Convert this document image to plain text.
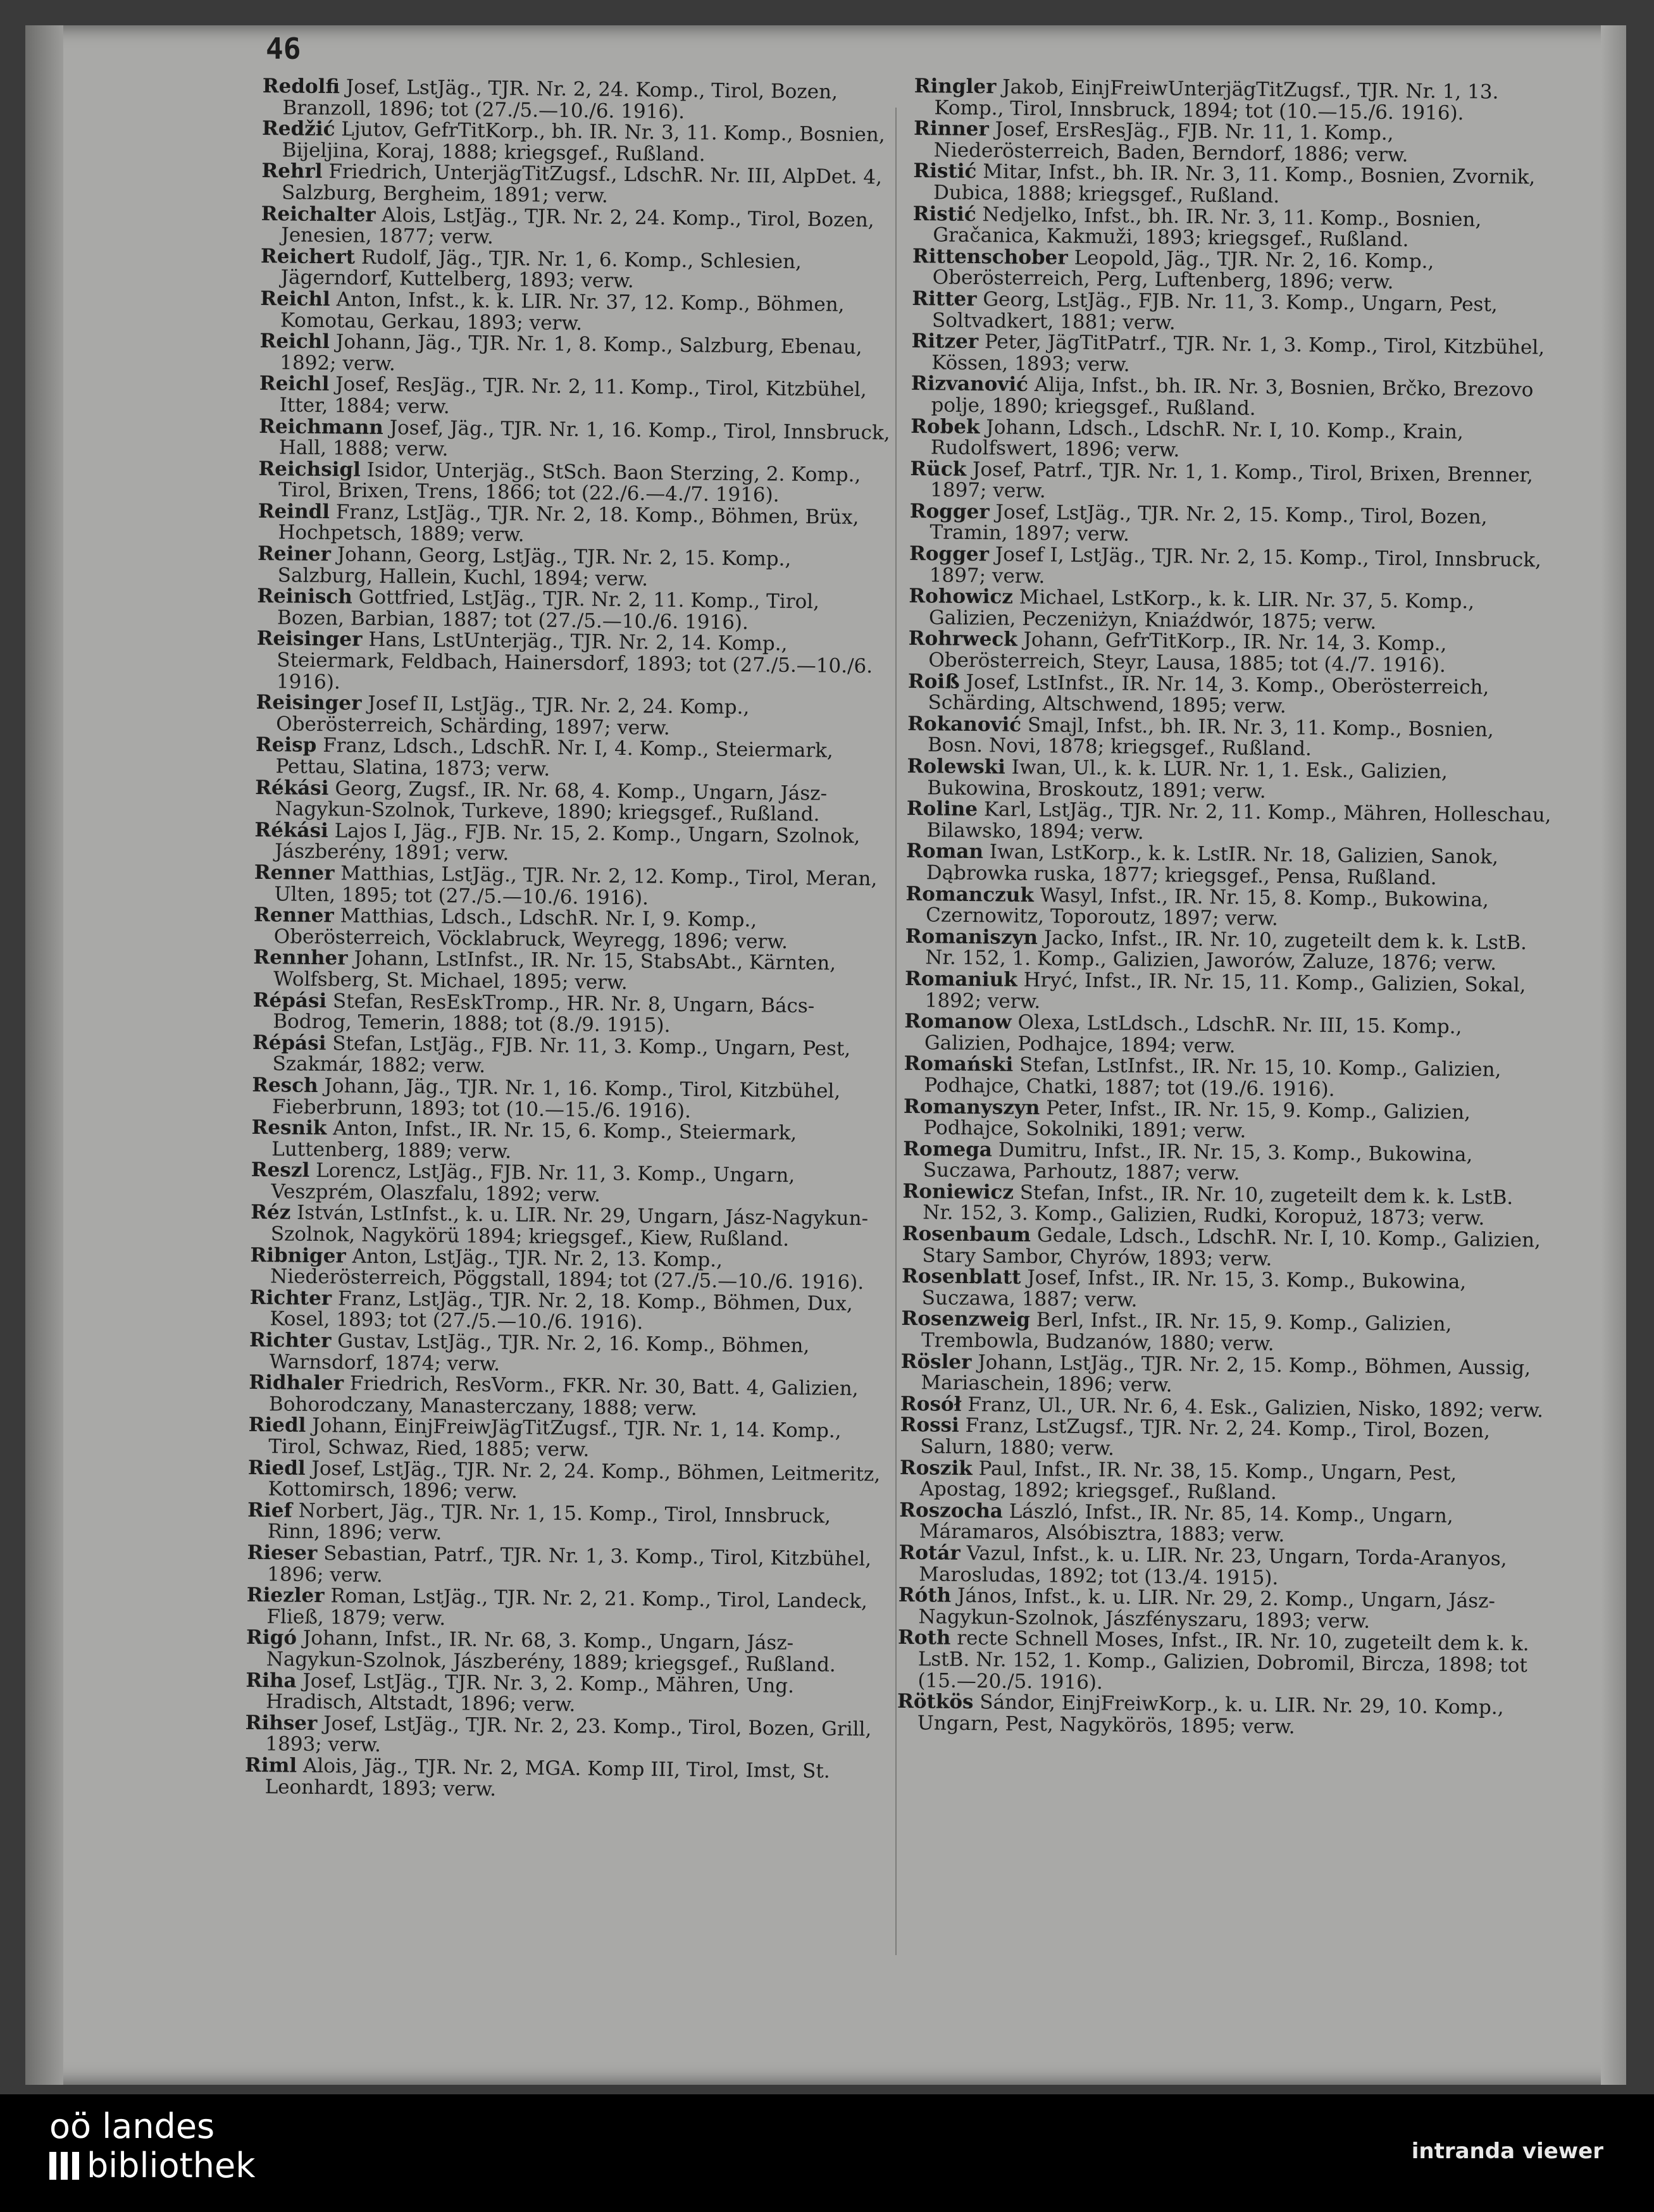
46

Redolfi Josef, LstJäg., TJR. Nr. 2, 24. Komp., Tirol, Bozen, Branzoll, 1896; tot (27./5.—10./6. 1916).

Redžić Ljutov, GefrTitKorp., bh. IR. Nr. 3, 11. Komp., Bosnien, Bijeljina, Koraj, 1888; kriegsgef., Rußland.

Rehrl Friedrich, UnterjägTitZugsf., LdschR. Nr. III, AlpDet. 4, Salzburg, Bergheim, 1891; verw.

Reichalter Alois, LstJäg., TJR. Nr. 2, 24. Komp., Tirol, Bozen, Jenesien, 1877; verw.

Reichert Rudolf, Jäg., TJR. Nr. 1, 6. Komp., Schlesien, Jägerndorf, Kuttelberg, 1893; verw.

Reichl Anton, Infst., k. k. LIR. Nr. 37, 12. Komp., Böhmen, Komotau, Gerkau, 1893; verw.

Reichl Johann, Jäg., TJR. Nr. 1, 8. Komp., Salzburg, Ebenau, 1892; verw.

Reichl Josef, ResJäg., TJR. Nr. 2, 11. Komp., Tirol, Kitzbühel, Itter, 1884; verw.

Reichmann Josef, Jäg., TJR. Nr. 1, 16. Komp., Tirol, Innsbruck, Hall, 1888; verw.

Reichsigl Isidor, Unterjäg., StSch. Baon Sterzing, 2. Komp., Tirol, Brixen, Trens, 1866; tot (22./6.—4./7. 1916).

Reindl Franz, LstJäg., TJR. Nr. 2, 18. Komp., Böhmen, Brüx, Hochpetsch, 1889; verw.

Reiner Johann, Georg, LstJäg., TJR. Nr. 2, 15. Komp., Salzburg, Hallein, Kuchl, 1894; verw.

Reinisch Gottfried, LstJäg., TJR. Nr. 2, 11. Komp., Tirol, Bozen, Barbian, 1887; tot (27./5.—10./6. 1916).

Reisinger Hans, LstUnterjäg., TJR. Nr. 2, 14. Komp., Steiermark, Feldbach, Hainersdorf, 1893; tot (27./5.—10./6. 1916).

Reisinger Josef II, LstJäg., TJR. Nr. 2, 24. Komp., Oberösterreich, Schärding, 1897; verw.

Reisp Franz, Ldsch., LdschR. Nr. I, 4. Komp., Steiermark, Pettau, Slatina, 1873; verw.

Rékási Georg, Zugsf., IR. Nr. 68, 4. Komp., Ungarn, Jász-Nagykun-Szolnok, Turkeve, 1890; kriegsgef., Rußland.

Rékási Lajos I, Jäg., FJB. Nr. 15, 2. Komp., Ungarn, Szolnok, Jászberény, 1891; verw.

Renner Matthias, LstJäg., TJR. Nr. 2, 12. Komp., Tirol, Meran, Ulten, 1895; tot (27./5.—10./6. 1916).

Renner Matthias, Ldsch., LdschR. Nr. I, 9. Komp., Oberösterreich, Vöcklabruck, Weyregg, 1896; verw.

Rennher Johann, LstInfst., IR. Nr. 15, StabsAbt., Kärnten, Wolfsberg, St. Michael, 1895; verw.

Répási Stefan, ResEskTromp., HR. Nr. 8, Ungarn, Bács-Bodrog, Temerin, 1888; tot (8./9. 1915).

Répási Stefan, LstJäg., FJB. Nr. 11, 3. Komp., Ungarn, Pest, Szakmár, 1882; verw.

Resch Johann, Jäg., TJR. Nr. 1, 16. Komp., Tirol, Kitzbühel, Fieberbrunn, 1893; tot (10.—15./6. 1916).

Resnik Anton, Infst., IR. Nr. 15, 6. Komp., Steiermark, Luttenberg, 1889; verw.

Reszl Lorencz, LstJäg., FJB. Nr. 11, 3. Komp., Ungarn, Veszprém, Olaszfalu, 1892; verw.

Réz István, LstInfst., k. u. LIR. Nr. 29, Ungarn, Jász-Nagykun-Szolnok, Nagykörü 1894; kriegsgef., Kiew, Rußland.

Ribniger Anton, LstJäg., TJR. Nr. 2, 13. Komp., Niederösterreich, Pöggstall, 1894; tot (27./5.—10./6. 1916).

Richter Franz, LstJäg., TJR. Nr. 2, 18. Komp., Böhmen, Dux, Kosel, 1893; tot (27./5.—10./6. 1916).

Richter Gustav, LstJäg., TJR. Nr. 2, 16. Komp., Böhmen, Warnsdorf, 1874; verw.

Ridhaler Friedrich, ResVorm., FKR. Nr. 30, Batt. 4, Galizien, Bohorodczany, Manasterczany, 1888; verw.

Riedl Johann, EinjFreiwJägTitZugsf., TJR. Nr. 1, 14. Komp., Tirol, Schwaz, Ried, 1885; verw.

Riedl Josef, LstJäg., TJR. Nr. 2, 24. Komp., Böhmen, Leitmeritz, Kottomirsch, 1896; verw.

Rief Norbert, Jäg., TJR. Nr. 1, 15. Komp., Tirol, Innsbruck, Rinn, 1896; verw.

Rieser Sebastian, Patrf., TJR. Nr. 1, 3. Komp., Tirol, Kitzbühel, 1896; verw.

Riezler Roman, LstJäg., TJR. Nr. 2, 21. Komp., Tirol, Landeck, Fließ, 1879; verw.

Rigó Johann, Infst., IR. Nr. 68, 3. Komp., Ungarn, Jász-Nagykun-Szolnok, Jászberény, 1889; kriegsgef., Rußland.

Riha Josef, LstJäg., TJR. Nr. 3, 2. Komp., Mähren, Ung. Hradisch, Altstadt, 1896; verw.

Rihser Josef, LstJäg., TJR. Nr. 2, 23. Komp., Tirol, Bozen, Grill, 1893; verw.

Riml Alois, Jäg., TJR. Nr. 2, MGA. Komp III, Tirol, Imst, St. Leonhardt, 1893; verw.

Ringler Jakob, EinjFreiwUnterjägTitZugsf., TJR. Nr. 1, 13. Komp., Tirol, Innsbruck, 1894; tot (10.—15./6. 1916).

Rinner Josef, ErsResJäg., FJB. Nr. 11, 1. Komp., Niederösterreich, Baden, Berndorf, 1886; verw.

Ristić Mitar, Infst., bh. IR. Nr. 3, 11. Komp., Bosnien, Zvornik, Dubica, 1888; kriegsgef., Rußland.

Ristić Nedjelko, Infst., bh. IR. Nr. 3, 11. Komp., Bosnien, Gračanica, Kakmuži, 1893; kriegsgef., Rußland.

Rittenschober Leopold, Jäg., TJR. Nr. 2, 16. Komp., Oberösterreich, Perg, Luftenberg, 1896; verw.

Ritter Georg, LstJäg., FJB. Nr. 11, 3. Komp., Ungarn, Pest, Soltvadkert, 1881; verw.

Ritzer Peter, JägTitPatrf., TJR. Nr. 1, 3. Komp., Tirol, Kitzbühel, Kössen, 1893; verw.

Rizvanović Alija, Infst., bh. IR. Nr. 3, Bosnien, Brčko, Brezovo polje, 1890; kriegsgef., Rußland.

Robek Johann, Ldsch., LdschR. Nr. I, 10. Komp., Krain, Rudolfswert, 1896; verw.

Rück Josef, Patrf., TJR. Nr. 1, 1. Komp., Tirol, Brixen, Brenner, 1897; verw.

Rogger Josef, LstJäg., TJR. Nr. 2, 15. Komp., Tirol, Bozen, Tramin, 1897; verw.

Rogger Josef I, LstJäg., TJR. Nr. 2, 15. Komp., Tirol, Innsbruck, 1897; verw.

Rohowicz Michael, LstKorp., k. k. LIR. Nr. 37, 5. Komp., Galizien, Peczeniżyn, Kniaźdwór, 1875; verw.

Rohrweck Johann, GefrTitKorp., IR. Nr. 14, 3. Komp., Oberösterreich, Steyr, Lausa, 1885; tot (4./7. 1916).

Roiß Josef, LstInfst., IR. Nr. 14, 3. Komp., Oberösterreich, Schärding, Altschwend, 1895; verw.

Rokanović Smajl, Infst., bh. IR. Nr. 3, 11. Komp., Bosnien, Bosn. Novi, 1878; kriegsgef., Rußland.

Rolewski Iwan, Ul., k. k. LUR. Nr. 1, 1. Esk., Galizien, Bukowina, Broskoutz, 1891; verw.

Roline Karl, LstJäg., TJR. Nr. 2, 11. Komp., Mähren, Holleschau, Bilawsko, 1894; verw.

Roman Iwan, LstKorp., k. k. LstIR. Nr. 18, Galizien, Sanok, Dąbrowka ruska, 1877; kriegsgef., Pensa, Rußland.

Romanczuk Wasyl, Infst., IR. Nr. 15, 8. Komp., Bukowina, Czernowitz, Toporoutz, 1897; verw.

Romaniszyn Jacko, Infst., IR. Nr. 10, zugeteilt dem k. k. LstB. Nr. 152, 1. Komp., Galizien, Jaworów, Zaluze, 1876; verw.

Romaniuk Hryć, Infst., IR. Nr. 15, 11. Komp., Galizien, Sokal, 1892; verw.

Romanow Olexa, LstLdsch., LdschR. Nr. III, 15. Komp., Galizien, Podhajce, 1894; verw.

Romański Stefan, LstInfst., IR. Nr. 15, 10. Komp., Galizien, Podhajce, Chatki, 1887; tot (19./6. 1916).

Romanyszyn Peter, Infst., IR. Nr. 15, 9. Komp., Galizien, Podhajce, Sokolniki, 1891; verw.

Romega Dumitru, Infst., IR. Nr. 15, 3. Komp., Bukowina, Suczawa, Parhoutz, 1887; verw.

Roniewicz Stefan, Infst., IR. Nr. 10, zugeteilt dem k. k. LstB. Nr. 152, 3. Komp., Galizien, Rudki, Koropuż, 1873; verw.

Rosenbaum Gedale, Ldsch., LdschR. Nr. I, 10. Komp., Galizien, Stary Sambor, Chyrów, 1893; verw.

Rosenblatt Josef, Infst., IR. Nr. 15, 3. Komp., Bukowina, Suczawa, 1887; verw.

Rosenzweig Berl, Infst., IR. Nr. 15, 9. Komp., Galizien, Trembowla, Budzanów, 1880; verw.

Rösler Johann, LstJäg., TJR. Nr. 2, 15. Komp., Böhmen, Aussig, Mariaschein, 1896; verw.

Rosół Franz, Ul., UR. Nr. 6, 4. Esk., Galizien, Nisko, 1892; verw.

Rossi Franz, LstZugsf., TJR. Nr. 2, 24. Komp., Tirol, Bozen, Salurn, 1880; verw.

Roszik Paul, Infst., IR. Nr. 38, 15. Komp., Ungarn, Pest, Apostag, 1892; kriegsgef., Rußland.

Roszocha László, Infst., IR. Nr. 85, 14. Komp., Ungarn, Máramaros, Alsóbisztra, 1883; verw.

Rotár Vazul, Infst., k. u. LIR. Nr. 23, Ungarn, Torda-Aranyos, Marosludas, 1892; tot (13./4. 1915).

Róth János, Infst., k. u. LIR. Nr. 29, 2. Komp., Ungarn, Jász-Nagykun-Szolnok, Jászfényszaru, 1893; verw.

Roth recte Schnell Moses, Infst., IR. Nr. 10, zugeteilt dem k. k. LstB. Nr. 152, 1. Komp., Galizien, Dobromil, Bircza, 1898; tot (15.—20./5. 1916).

Rötkös Sándor, EinjFreiwKorp., k. u. LIR. Nr. 29, 10. Komp., Ungarn, Pest, Nagykörös, 1895; verw.

oö landes
bibliothek	intranda viewer
